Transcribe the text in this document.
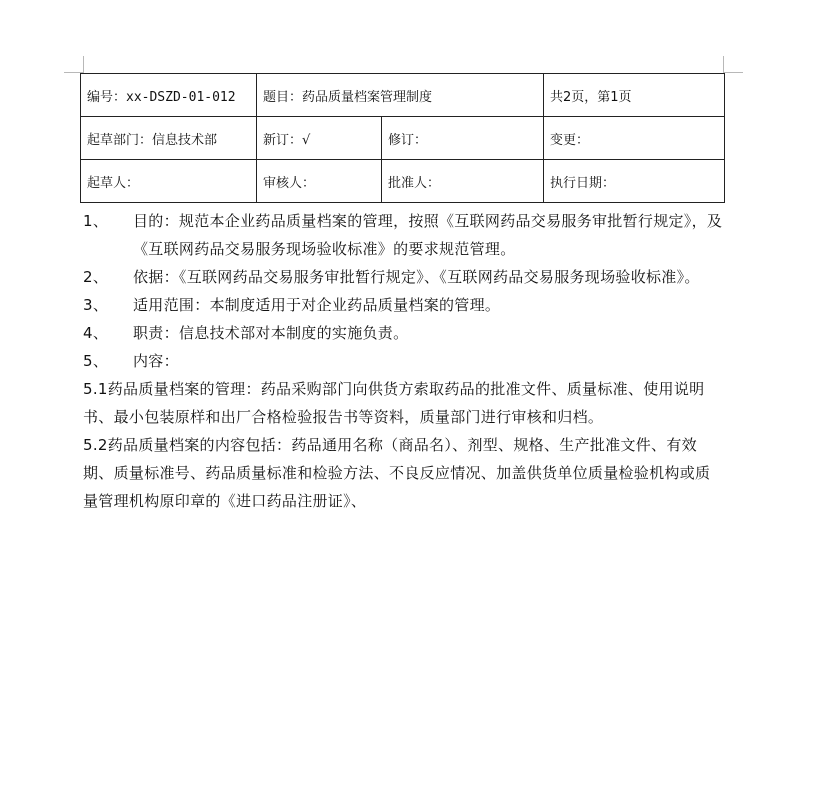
编号：xx-DSZD-01-012	题目：药品质量档案管理制度		共2页，第1页
起草部门：信息技术部	新订：√	修订：	变更：
起草人：	审核人：	批准人：	执行日期：
1、	目的：规范本企业药品质量档案的管理，按照《互联网药品交易服务审批暂行规定》，及《互联网药品交易服务现场验收标准》的要求规范管理。
2、	依据：《互联网药品交易服务审批暂行规定》、《互联网药品交易服务现场验收标准》。
3、	适用范围：本制度适用于对企业药品质量档案的管理。
4、	职责：信息技术部对本制度的实施负责。
5、	内容：

5.1药品质量档案的管理：药品采购部门向供货方索取药品的批准文件、质量标准、使用说明书、最小包装原样和出厂合格检验报告书等资料，质量部门进行审核和归档。

5.2药品质量档案的内容包括：药品通用名称（商品名）、剂型、规格、生产批准文件、有效期、质量标准号、药品质量标准和检验方法、不良反应情况、加盖供货单位质量检验机构或质量管理机构原印章的《进口药品注册证》、
